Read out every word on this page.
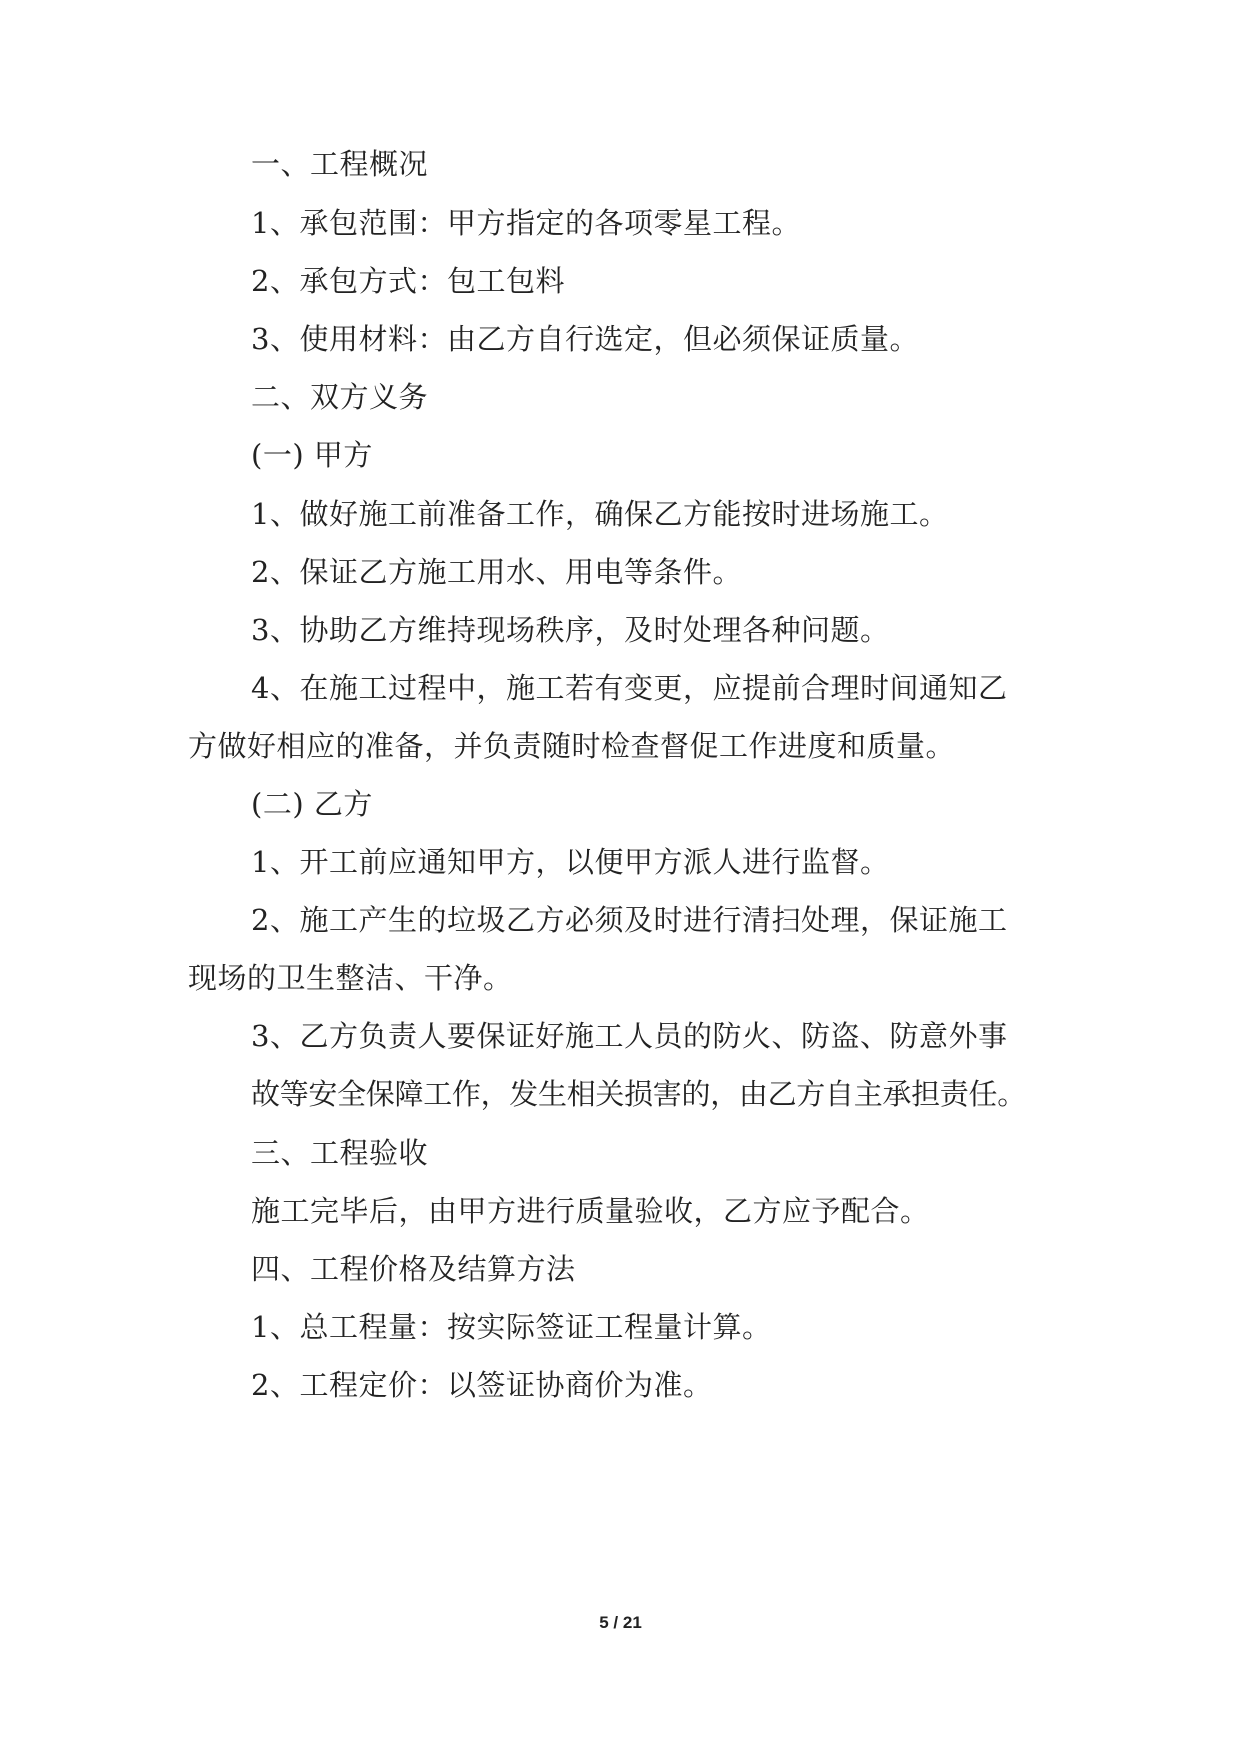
一、工程概况

1、承包范围：甲方指定的各项零星工程。

2、承包方式：包工包料

3、使用材料：由乙方自行选定，但必须保证质量。

二、双方义务

(一) 甲方

1、做好施工前准备工作，确保乙方能按时进场施工。

2、保证乙方施工用水、用电等条件。

3、协助乙方维持现场秩序，及时处理各种问题。

4、在施工过程中，施工若有变更，应提前合理时间通知乙

方做好相应的准备，并负责随时检查督促工作进度和质量。

(二) 乙方

1、开工前应通知甲方，以便甲方派人进行监督。

2、施工产生的垃圾乙方必须及时进行清扫处理，保证施工

现场的卫生整洁、干净。

3、乙方负责人要保证好施工人员的防火、防盗、防意外事

故等安全保障工作，发生相关损害的，由乙方自主承担责任。

三、工程验收

施工完毕后，由甲方进行质量验收，乙方应予配合。

四、工程价格及结算方法

1、总工程量：按实际签证工程量计算。

2、工程定价：以签证协商价为准。

5 / 21
